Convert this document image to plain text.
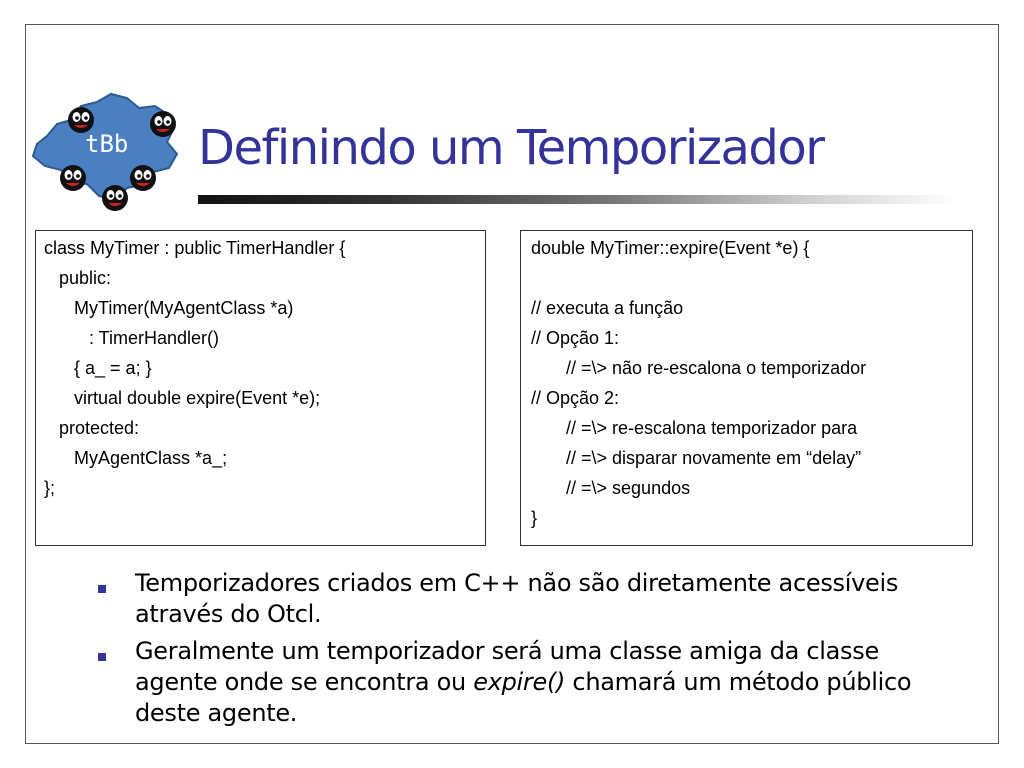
tBb Definindo um Temporizador
class MyTimer : public TimerHandler {
public:
MyTimer(MyAgentClass *a)
: TimerHandler()
{ a_ = a; }
virtual double expire(Event *e);
protected:
MyAgentClass *a_;
};
double MyTimer::expire(Event *e) {
// executa a função
// Opção 1:
// =\> não re-escalona o temporizador
// Opção 2:
// =\> re-escalona temporizador para
// =\> disparar novamente em “delay”
// =\> segundos
}
Temporizadores criados em C++ não são diretamente acessíveis através do Otcl.
Geralmente um temporizador será uma classe amiga da classe agente onde se encontra ou expire() chamará um método público deste agente.
